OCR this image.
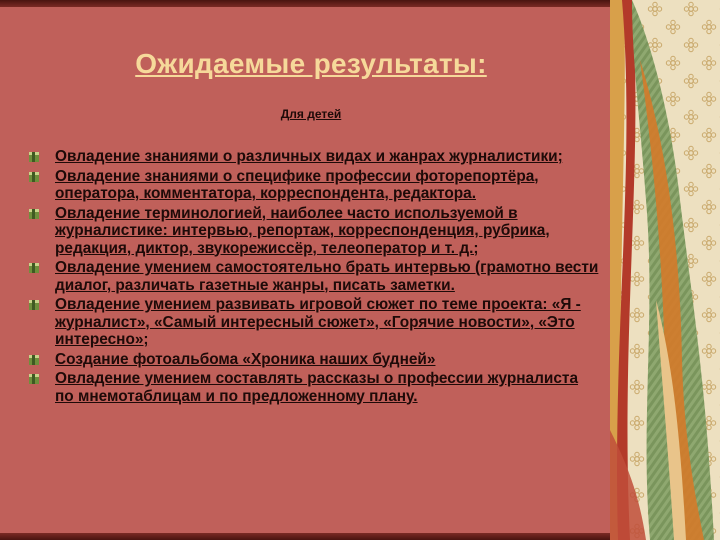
Ожидаемые результаты:
Для детей
Овладение знаниями о различных видах и жанрах журналистики;
Овладение знаниями о специфике профессии фоторепортёра, оператора, комментатора, корреспондента, редактора.
Овладение терминологией, наиболее часто используемой в журналистике: интервью, репортаж, корреспонденция, рубрика, редакция, диктор, звукорежиссёр, телеоператор и т. д.;
Овладение умением самостоятельно брать интервью (грамотно вести диалог, различать газетные жанры, писать заметки.
Овладение умением развивать игровой сюжет по теме проекта: «Я - журналист», «Самый интересный сюжет», «Горячие новости», «Это интересно»;
Создание фотоальбома «Хроника наших будней»
Овладение умением составлять рассказы о профессии журналиста по мнемотаблицам и по предложенному плану.
